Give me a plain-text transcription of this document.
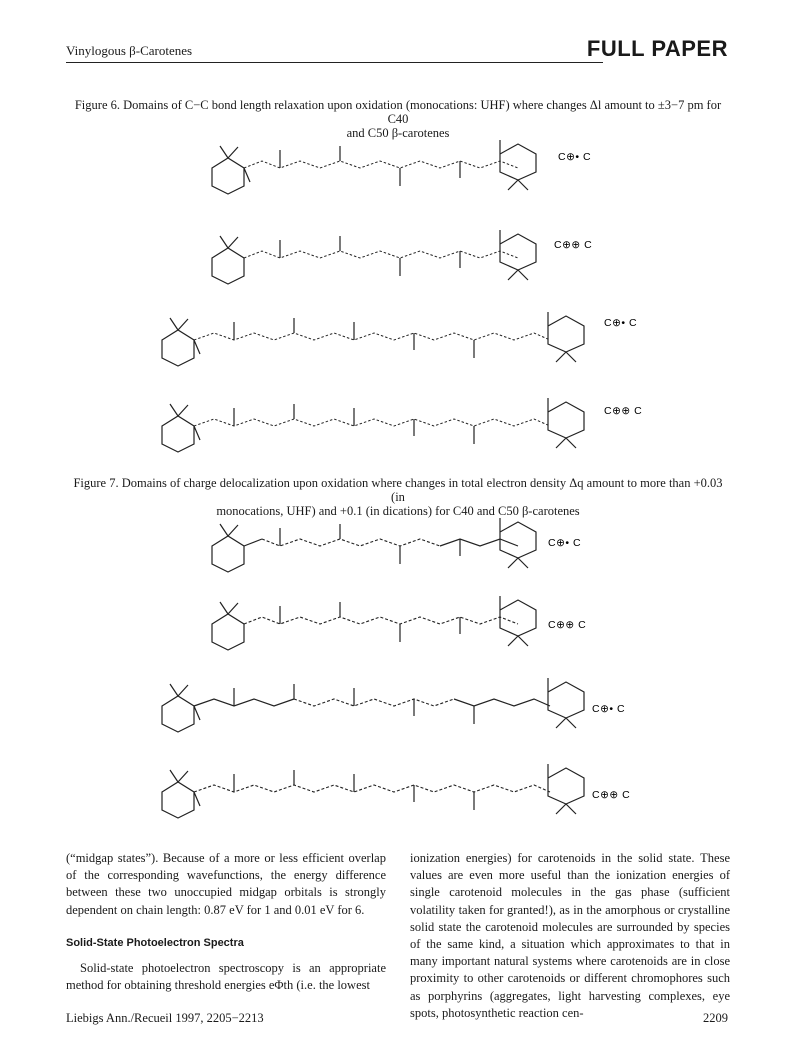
Vinylogous β-Carotenes	FULL PAPER
Figure 6. Domains of C−C bond length relaxation upon oxidation (monocations: UHF) where changes Δl amount to ±3−7 pm for C40
and C50 β-carotenes
C⊕• C
C⊕⊕ C
C⊕• C
C⊕⊕ C
Figure 7. Domains of charge delocalization upon oxidation where changes in total electron density Δq amount to more than +0.03 (in
monocations, UHF) and +0.1 (in dications) for C40 and C50 β-carotenes
C⊕• C
C⊕⊕ C
C⊕• C
C⊕⊕ C

(“midgap states”). Because of a more or less efficient overlap of the corresponding wavefunctions, the energy difference between these two unoccupied midgap orbitals is strongly dependent on chain length: 0.87 eV for 1 and 0.01 eV for 6.

Solid-State Photoelectron Spectra

Solid-state photoelectron spectroscopy is an appropriate method for obtaining threshold energies eΦth (i.e. the lowest

ionization energies) for carotenoids in the solid state. These values are even more useful than the ionization energies of single carotenoid molecules in the gas phase (sufficient volatility taken for granted!), as in the amorphous or crystalline solid state the carotenoid molecules are surrounded by species of the same kind, a situation which approximates to that in many important natural systems where carotenoids are in close proximity to other carotenoids or different chromophores such as porphyrins (aggregates, light harvesting complexes, eye spots, photosynthetic reaction cen-

Liebigs Ann./Recueil 1997, 2205−2213	2209
